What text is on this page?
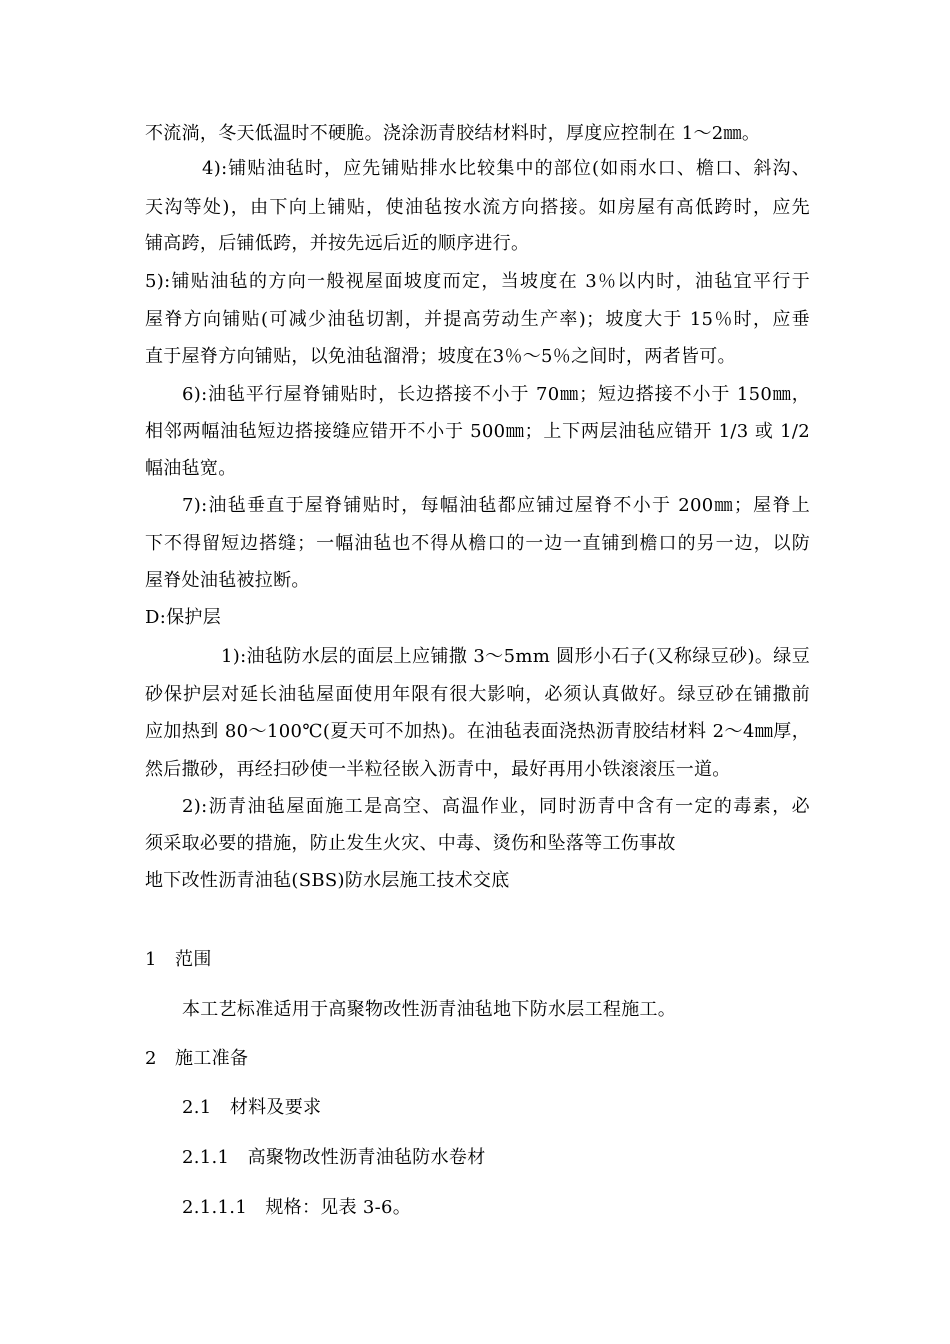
不流淌，冬天低温时不硬脆。浇涂沥青胶结材料时，厚度应控制在 1～2㎜。
4):铺贴油毡时，应先铺贴排水比较集中的部位(如雨水口、檐口、斜沟、
天沟等处)，由下向上铺贴，使油毡按水流方向搭接。如房屋有高低跨时，应先
铺高跨，后铺低跨，并按先远后近的顺序进行。
5):铺贴油毡的方向一般视屋面坡度而定，当坡度在 3％以内时，油毡宜平行于
屋脊方向铺贴(可减少油毡切割，并提高劳动生产率)；坡度大于 15％时，应垂
直于屋脊方向铺贴，以免油毡溜滑；坡度在3％～5％之间时，两者皆可。
6):油毡平行屋脊铺贴时，长边搭接不小于 70㎜；短边搭接不小于 150㎜，
相邻两幅油毡短边搭接缝应错开不小于 500㎜；上下两层油毡应错开 1/3 或 1/2
幅油毡宽。
7):油毡垂直于屋脊铺贴时，每幅油毡都应铺过屋脊不小于 200㎜；屋脊上
下不得留短边搭缝；一幅油毡也不得从檐口的一边一直铺到檐口的另一边，以防
屋脊处油毡被拉断。
D:保护层
1):油毡防水层的面层上应铺撒 3～5mm 圆形小石子(又称绿豆砂)。绿豆
砂保护层对延长油毡屋面使用年限有很大影响，必须认真做好。绿豆砂在铺撒前
应加热到 80～100℃(夏天可不加热)。在油毡表面浇热沥青胶结材料 2～4㎜厚，
然后撒砂，再经扫砂使一半粒径嵌入沥青中，最好再用小铁滚滚压一道。
2):沥青油毡屋面施工是高空、高温作业，同时沥青中含有一定的毒素，必
须采取必要的措施，防止发生火灾、中毒、烫伤和坠落等工伤事故
地下改性沥青油毡(SBS)防水层施工技术交底
1　范围
本工艺标准适用于高聚物改性沥青油毡地下防水层工程施工。
2　施工准备
2.1　材料及要求
2.1.1　高聚物改性沥青油毡防水卷材
2.1.1.1　规格：见表 3-6。
